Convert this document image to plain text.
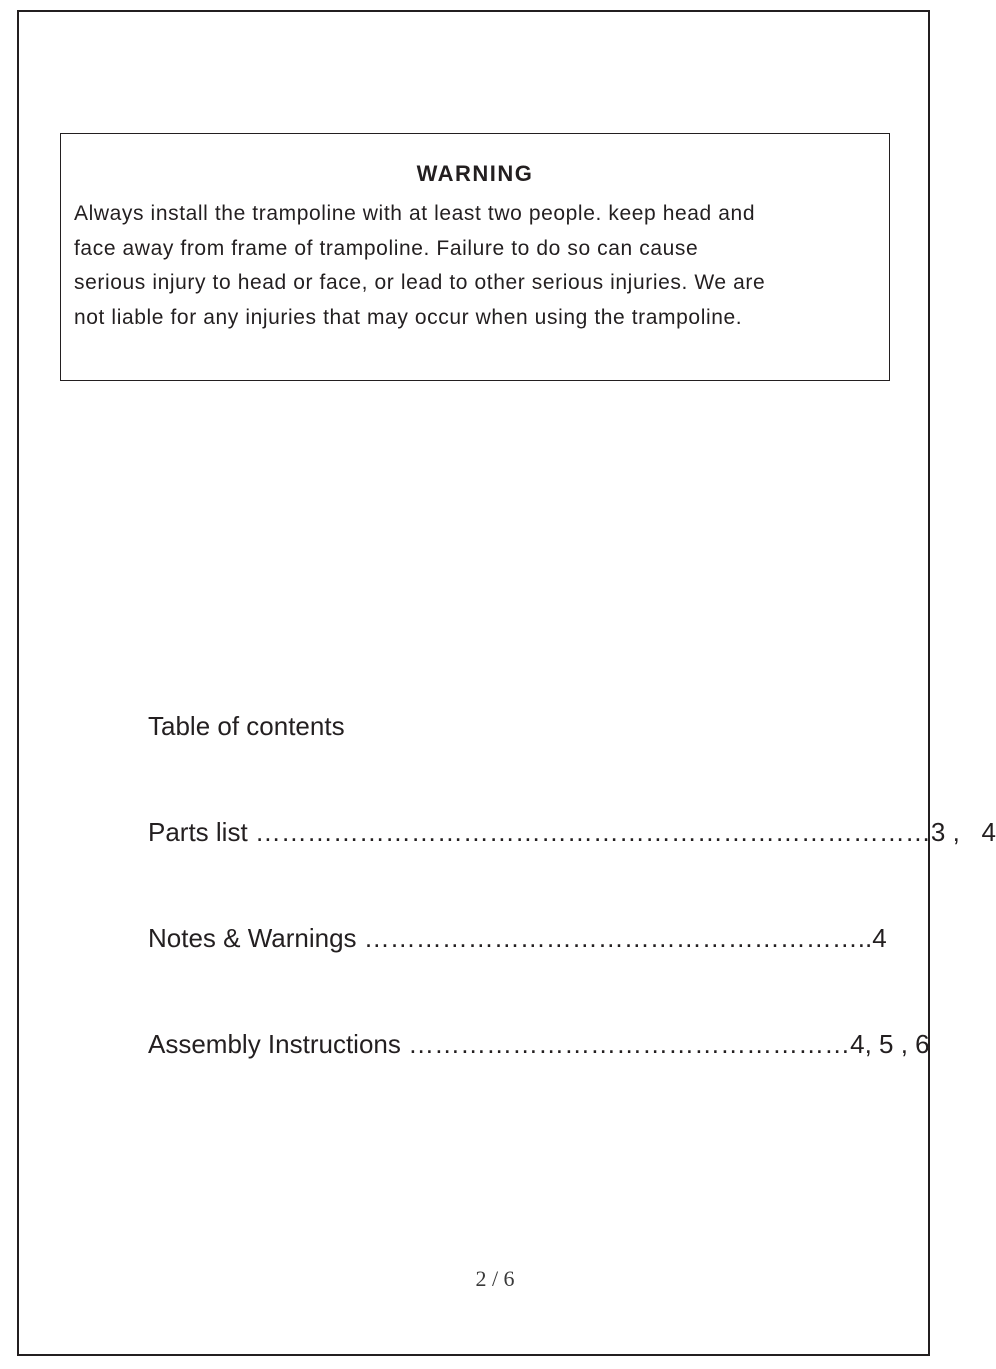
WARNING
Always install the trampoline with at least two people. keep head and
face away from frame of trampoline. Failure to do so can cause
serious injury to head or face, or lead to other serious injuries. We are
not liable for any injuries that may occur when using the trampoline.
Table of contents
Parts list ……………………………………………………………………3 ,   4
Notes & Warnings …………………………………………………..4
Assembly Instructions ……………………………………………4, 5 , 6
2 / 6
